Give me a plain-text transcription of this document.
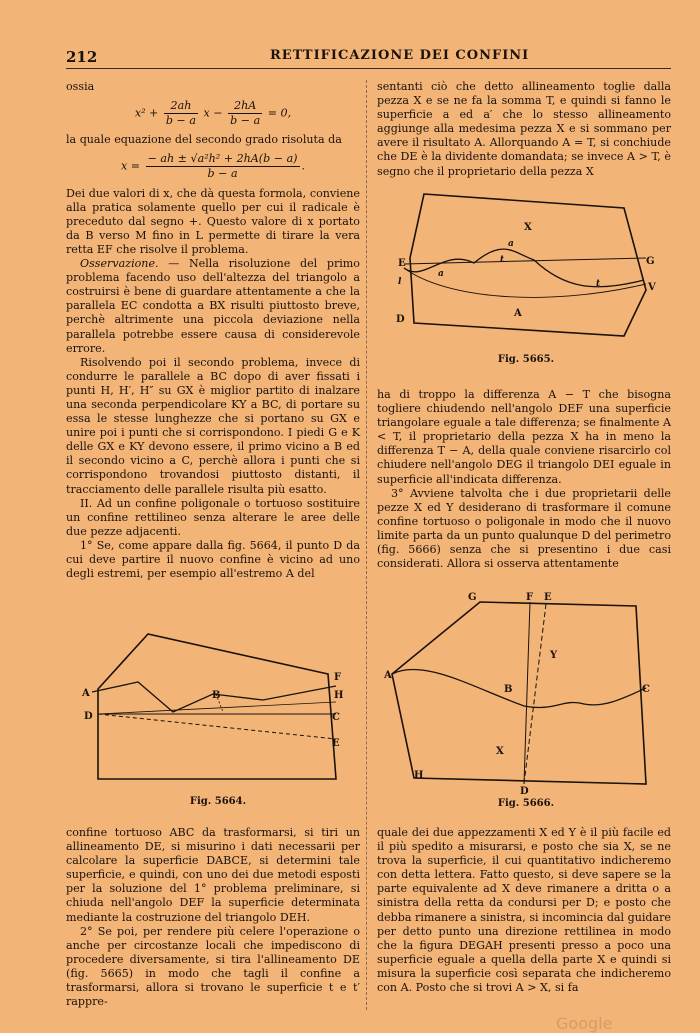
212	RETTIFICAZIONE DEI CONFINI

ossia

$x^2 + \frac{2ah}{b - a}$ $x - \frac{2hA}{b - a} = 0$,

la quale equazione del secondo grado risoluta da

$x = \frac{\text{− ah ± √a²h² + 2hA(b − a)}}{b - a}$ .

Dei due valori di x, che dà questa formola, conviene alla pratica solamente quello per cui il radicale è preceduto dal segno +. Questo valore di x portato da B verso M fino in L permette di tirare la vera retta EF che risolve il problema.

Osservazione. — Nella risoluzione del primo problema facendo uso dell'altezza del triangolo a costruirsi è bene di guardare attentamente a che la parallela EC condotta a BX risulti piuttosto breve, perchè altrimente una piccola deviazione nella parallela potrebbe essere causa di considerevole errore.

Risolvendo poi il secondo problema, invece di condurre le parallele a BC dopo di aver fissati i punti H, H′, H″ su GX è miglior partito di inalzare una seconda perpendicolare KY a BC, di portare su essa le stesse lunghezze che si portano su GX e unire poi i punti che si corrispondono. I piedi G e K delle GX e KY devono essere, il primo vicino a B ed il secondo vicino a C, perchè allora i punti che si corrispondono trovandosi piuttosto distanti, il tracciamento delle parallele risulta più esatto.

II. Ad un confine poligonale o tortuoso sostituire un confine rettilineo senza alterare le aree delle due pezze adjacenti.

1° Se, come appare dalla fig. 5664, il punto D da cui deve partire il nuovo confine è vicino ad uno degli estremi, per esempio all'estremo A del

A	B
D
E
F
H
C
Fig. 5664.

confine tortuoso ABC da trasformarsi, si tiri un allineamento DE, si misurino i dati necessarii per calcolare la superficie DABCE, si determini tale superficie, e quindi, con uno dei due metodi esposti per la soluzione del 1° problema preliminare, si chiuda nell'angolo DEF la superficie determinata mediante la costruzione del triangolo DEH.

2° Se poi, per rendere più celere l'operazione o anche per circostanze locali che impediscono di procedere diversamente, si tira l'allineamento DE (fig. 5665) in modo che tagli il confine a trasformarsi, allora si trovano le superficie t e t′ rappre-

sentanti ciò che detto allineamento toglie dalla pezza X e se ne fa la somma T, e quindi si fanno le superficie a ed a′ che lo stesso allineamento aggiunge alla medesima pezza X e si sommano per avere il risultato A. Allorquando A = T, si conchiude che DE è la dividente domandata; se invece A > T, è segno che il proprietario della pezza X

X
a
t
a
t
A
D
E	G
V
l
Fig. 5665.

ha di troppo la differenza A − T che bisogna togliere chiudendo nell'angolo DEF una superficie triangolare eguale a tale differenza; se finalmente A < T, il proprietario della pezza X ha in meno la differenza T − A, della quale conviene risarcirlo col chiudere nell'angolo DEG il triangolo DEI eguale in superficie all'indicata differenza.

3° Avviene talvolta che i due proprietarii delle pezze X ed Y desiderano di trasformare il comune confine tortuoso o poligonale in modo che il nuovo limite parta da un punto qualunque D del perimetro (fig. 5666) senza che si presentino i due casi considerati. Allora si osserva attentamente

G	F E
Y
A
B	C
X
H
D
Fig. 5666.

quale dei due appezzamenti X ed Y è il più facile ed il più spedito a misurarsi, e posto che sia X, se ne trova la superficie, il cui quantitativo indicheremo con detta lettera. Fatto questo, si deve sapere se la parte equivalente ad X deve rimanere a dritta o a sinistra della retta da condursi per D; e posto che debba rimanere a sinistra, si incomincia dal guidare per detto punto una direzione rettilinea in modo che la figura DEGAH presenti presso a poco una superficie eguale a quella della parte X e quindi si misura la superficie così separata che indicheremo con A. Posto che si trovi A > X, si fa

Google
